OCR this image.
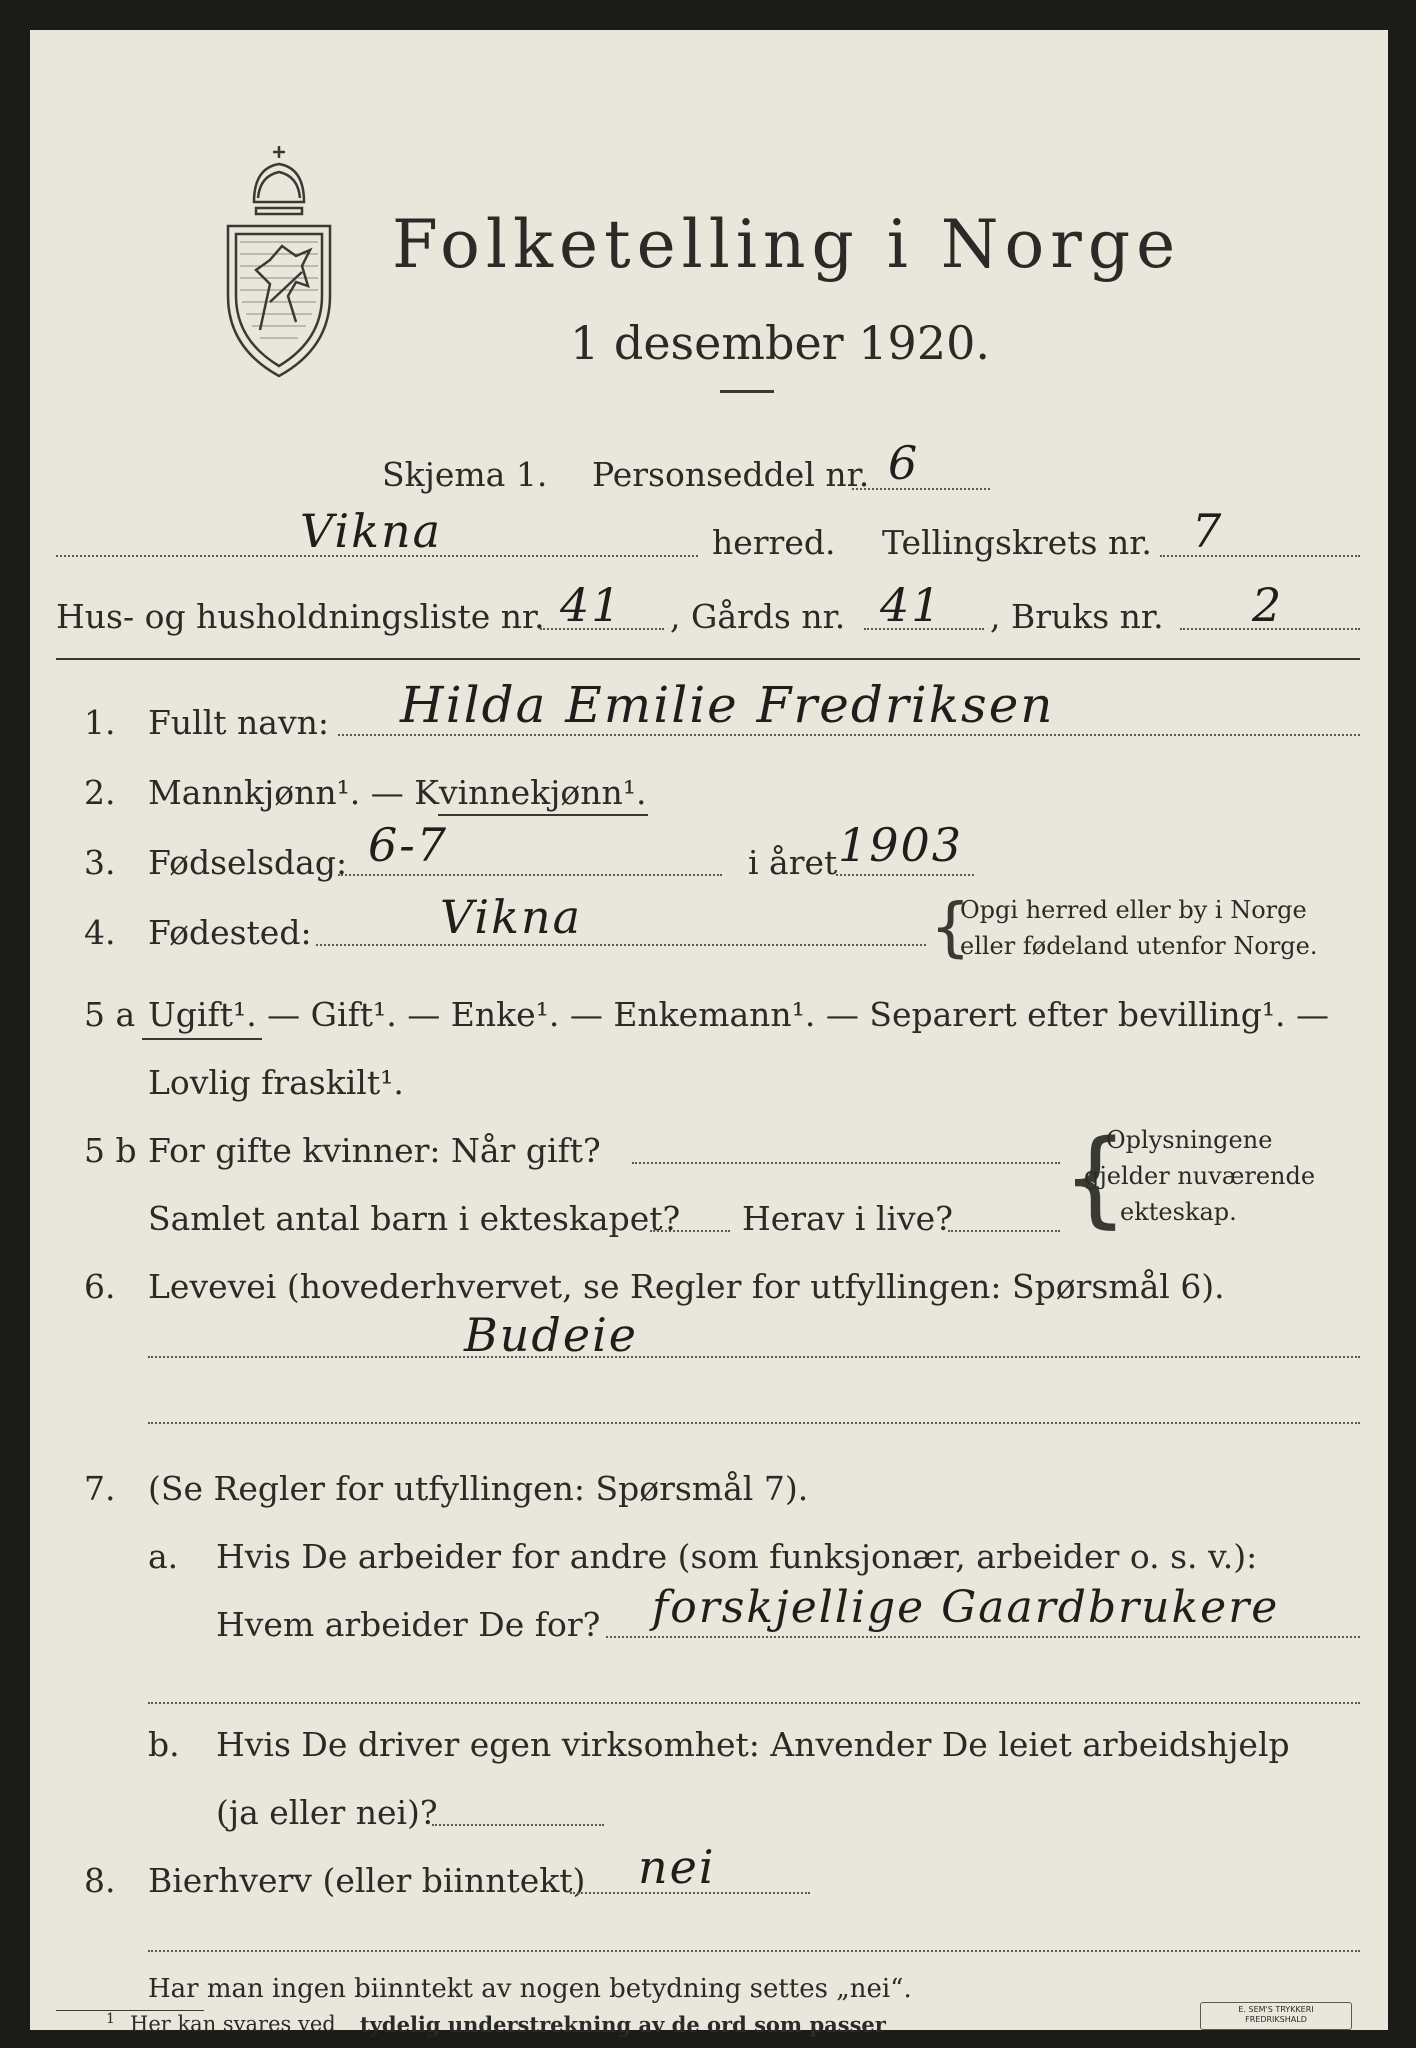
Folketelling i Norge
1 desember 1920.
Skjema 1. Personseddel nr. 6
Vikna	herred. Tellingskrets nr. 7
Hus- og husholdningsliste nr. 41 , Gårds nr. 41 , Bruks nr. 2
1. Fullt navn: Hilda Emilie Fredriksen
2. Mannkjønn¹. — Kvinnekjønn¹.
3. Fødselsdag: 6-7	i året 1903
4. Fødested:	Vikna	{
Opgi herred eller by i Norge
eller fødeland utenfor Norge.
5 a Ugift¹. — Gift¹. — Enke¹. — Enkemann¹. — Separert efter bevilling¹. —
Lovlig fraskilt¹.
5 b For gifte kvinner: Når gift?
Samlet antal barn i ekteskapet? Herav i live? {
Oplysningene
gjelder nuværende
ekteskap.
6. Levevei (hovederhvervet, se Regler for utfyllingen: Spørsmål 6).
Budeie
7. (Se Regler for utfyllingen: Spørsmål 7).
a. Hvis De arbeider for andre (som funksjonær, arbeider o. s. v.):
Hvem arbeider De for? forskjellige Gaardbrukere
b. Hvis De driver egen virksomhet: Anvender De leiet arbeidshjelp
(ja eller nei)?
8. Bierhverv (eller biinntekt) nei
Har man ingen biinntekt av nogen betydning settes „nei“.
1 Her kan svares ved tydelig understrekning av de ord som passer
E. SEM'S TRYKKERI
FREDRIKSHALD
